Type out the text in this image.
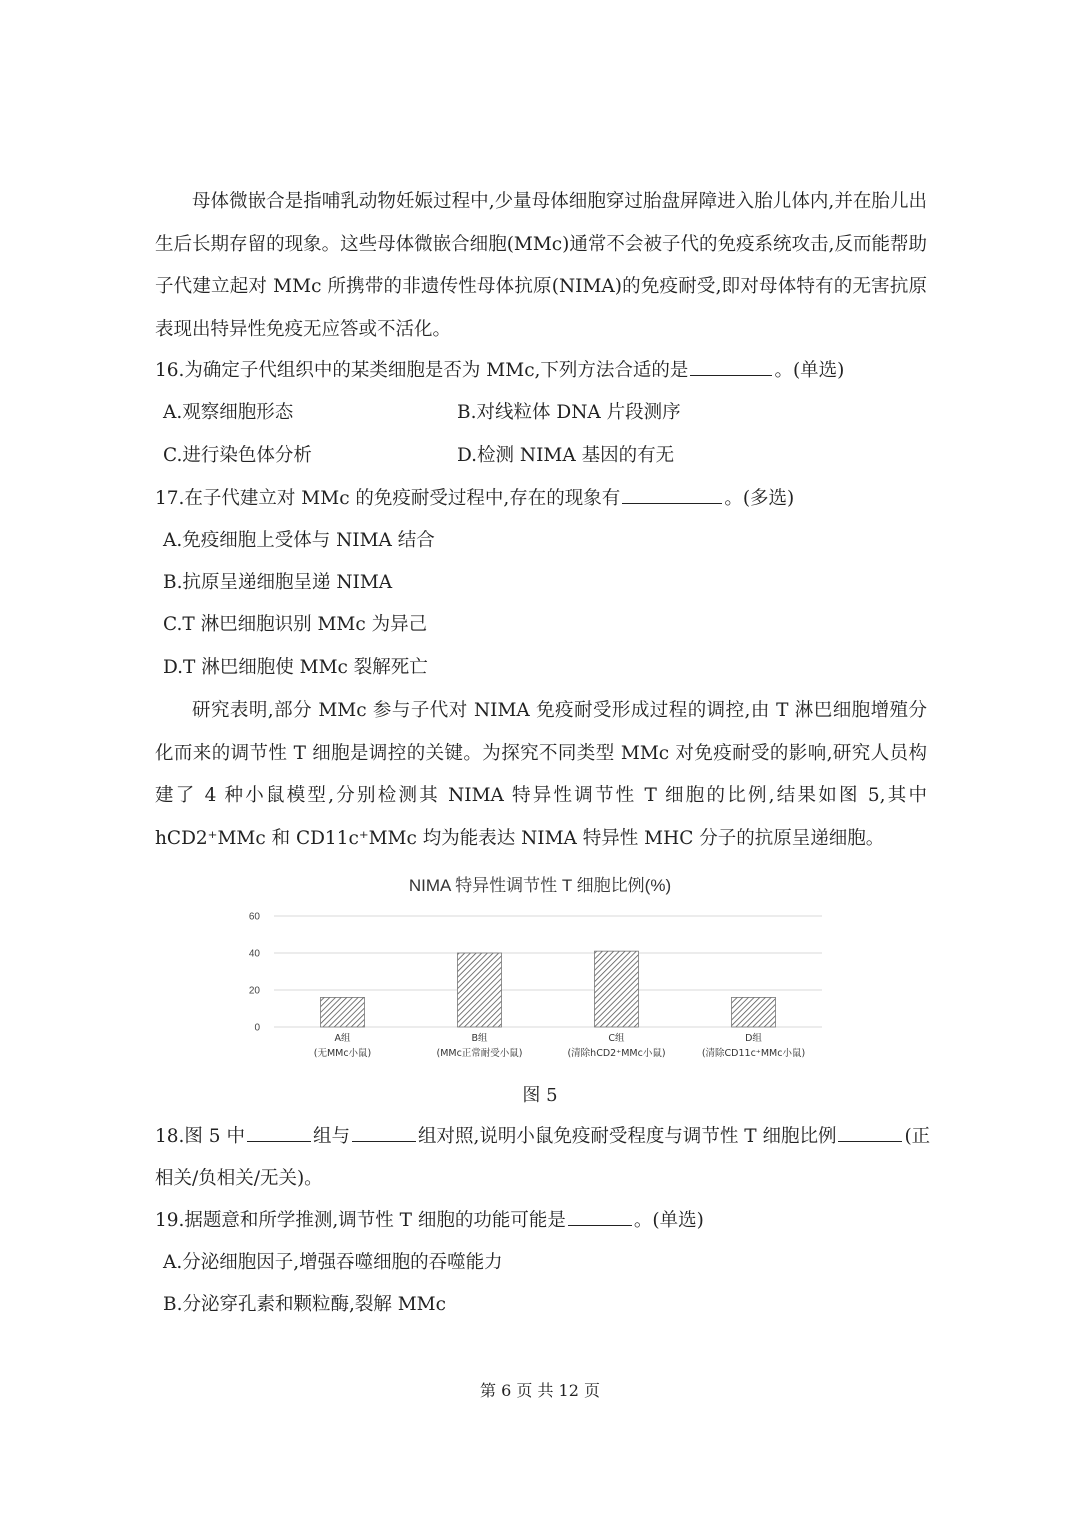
母体微嵌合是指哺乳动物妊娠过程中,少量母体细胞穿过胎盘屏障进入胎儿体内,并在胎儿出生后长期存留的现象。这些母体微嵌合细胞(MMc)通常不会被子代的免疫系统攻击,反而能帮助子代建立起对 MMc 所携带的非遗传性母体抗原(NIMA)的免疫耐受,即对母体特有的无害抗原表现出特异性免疫无应答或不活化。

16.为确定子代组织中的某类细胞是否为 MMc,下列方法合适的是	。(单选)
A.观察细胞形态	B.对线粒体 DNA 片段测序
C.进行染色体分析	D.检测 NIMA 基因的有无
17.在子代建立对 MMc 的免疫耐受过程中,存在的现象有	。(多选)
A.免疫细胞上受体与 NIMA 结合
B.抗原呈递细胞呈递 NIMA
C.T 淋巴细胞识别 MMc 为异己
D.T 淋巴细胞使 MMc 裂解死亡

研究表明,部分 MMc 参与子代对 NIMA 免疫耐受形成过程的调控,由 T 淋巴细胞增殖分化而来的调节性 T 细胞是调控的关键。为探究不同类型 MMc 对免疫耐受的影响,研究人员构建了 4 种小鼠模型,分别检测其 NIMA 特异性调节性 T 细胞的比例,结果如图 5,其中 hCD2⁺MMc 和 CD11c⁺MMc 均为能表达 NIMA 特异性 MHC 分子的抗原呈递细胞。

NIMA 特异性调节性 T 细胞比例(%)
0
20
40
60
A组
(无MMc小鼠)
B组
(MMc正常耐受小鼠)
C组
(清除hCD2⁺MMc小鼠)
D组
(清除CD11c⁺MMc小鼠)
图 5
18.图 5 中	组与	组对照,说明小鼠免疫耐受程度与调节性 T 细胞比例	(正
相关/负相关/无关)。
19.据题意和所学推测,调节性 T 细胞的功能可能是	。(单选)
A.分泌细胞因子,增强吞噬细胞的吞噬能力
B.分泌穿孔素和颗粒酶,裂解 MMc
第 6 页 共 12 页
